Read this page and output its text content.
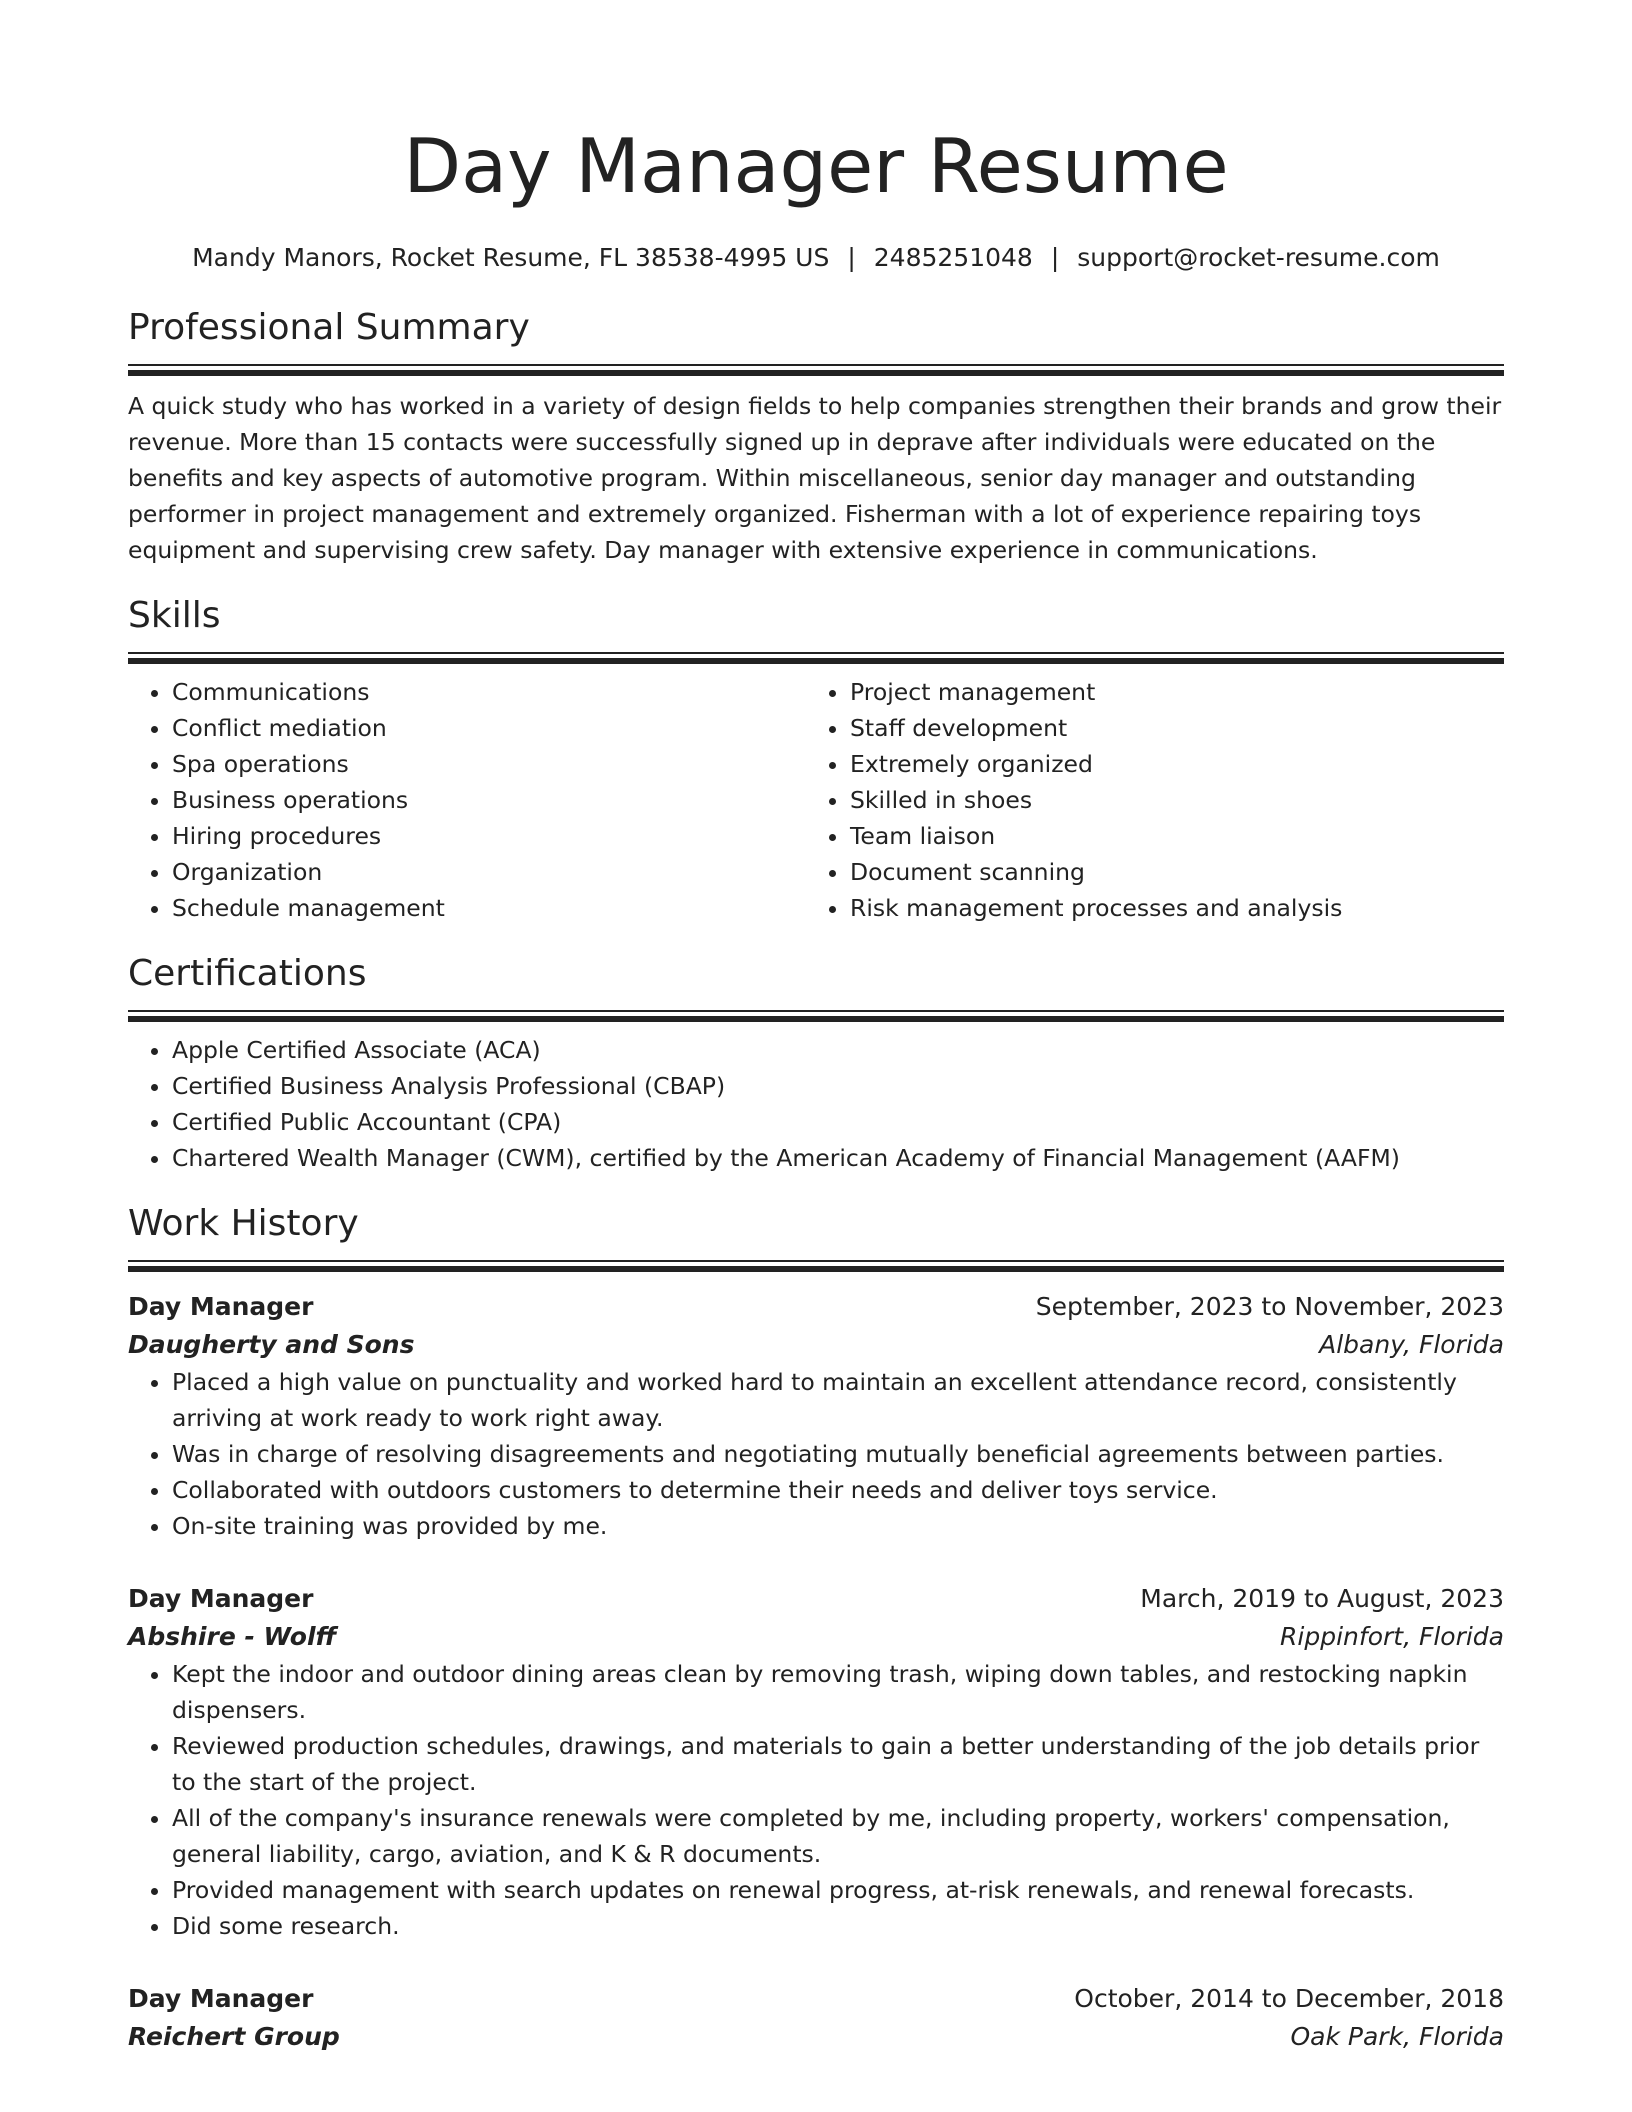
Day Manager Resume
Mandy Manors, Rocket Resume, FL 38538-4995 US | 2485251048 | support@rocket-resume.com
Professional Summary

A quick study who has worked in a variety of design fields to help companies strengthen their brands and grow their revenue. More than 15 contacts were successfully signed up in deprave after individuals were educated on the benefits and key aspects of automotive program. Within miscellaneous, senior day manager and outstanding performer in project management and extremely organized. Fisherman with a lot of experience repairing toys equipment and supervising crew safety. Day manager with extensive experience in communications.

Skills
• Communications
• Conflict mediation
• Spa operations
• Business operations
• Hiring procedures
• Organization
• Schedule management
• Project management
• Staff development
• Extremely organized
• Skilled in shoes
• Team liaison
• Document scanning
• Risk management processes and analysis
Certifications
• Apple Certified Associate (ACA)
• Certified Business Analysis Professional (CBAP)
• Certified Public Accountant (CPA)
• Chartered Wealth Manager (CWM), certified by the American Academy of Financial Management (AAFM)
Work History
Day Manager	September, 2023 to November, 2023
Daugherty and Sons	Albany, Florida
• Placed a high value on punctuality and worked hard to maintain an excellent attendance record, consistently arriving at work ready to work right away.
• Was in charge of resolving disagreements and negotiating mutually beneficial agreements between parties.
• Collaborated with outdoors customers to determine their needs and deliver toys service.
• On-site training was provided by me.
Day Manager	March, 2019 to August, 2023
Abshire - Wolff	Rippinfort, Florida
• Kept the indoor and outdoor dining areas clean by removing trash, wiping down tables, and restocking napkin dispensers.
• Reviewed production schedules, drawings, and materials to gain a better understanding of the job details prior to the start of the project.
• All of the company's insurance renewals were completed by me, including property, workers' compensation, general liability, cargo, aviation, and K & R documents.
• Provided management with search updates on renewal progress, at-risk renewals, and renewal forecasts.
• Did some research.
Day Manager	October, 2014 to December, 2018
Reichert Group	Oak Park, Florida
